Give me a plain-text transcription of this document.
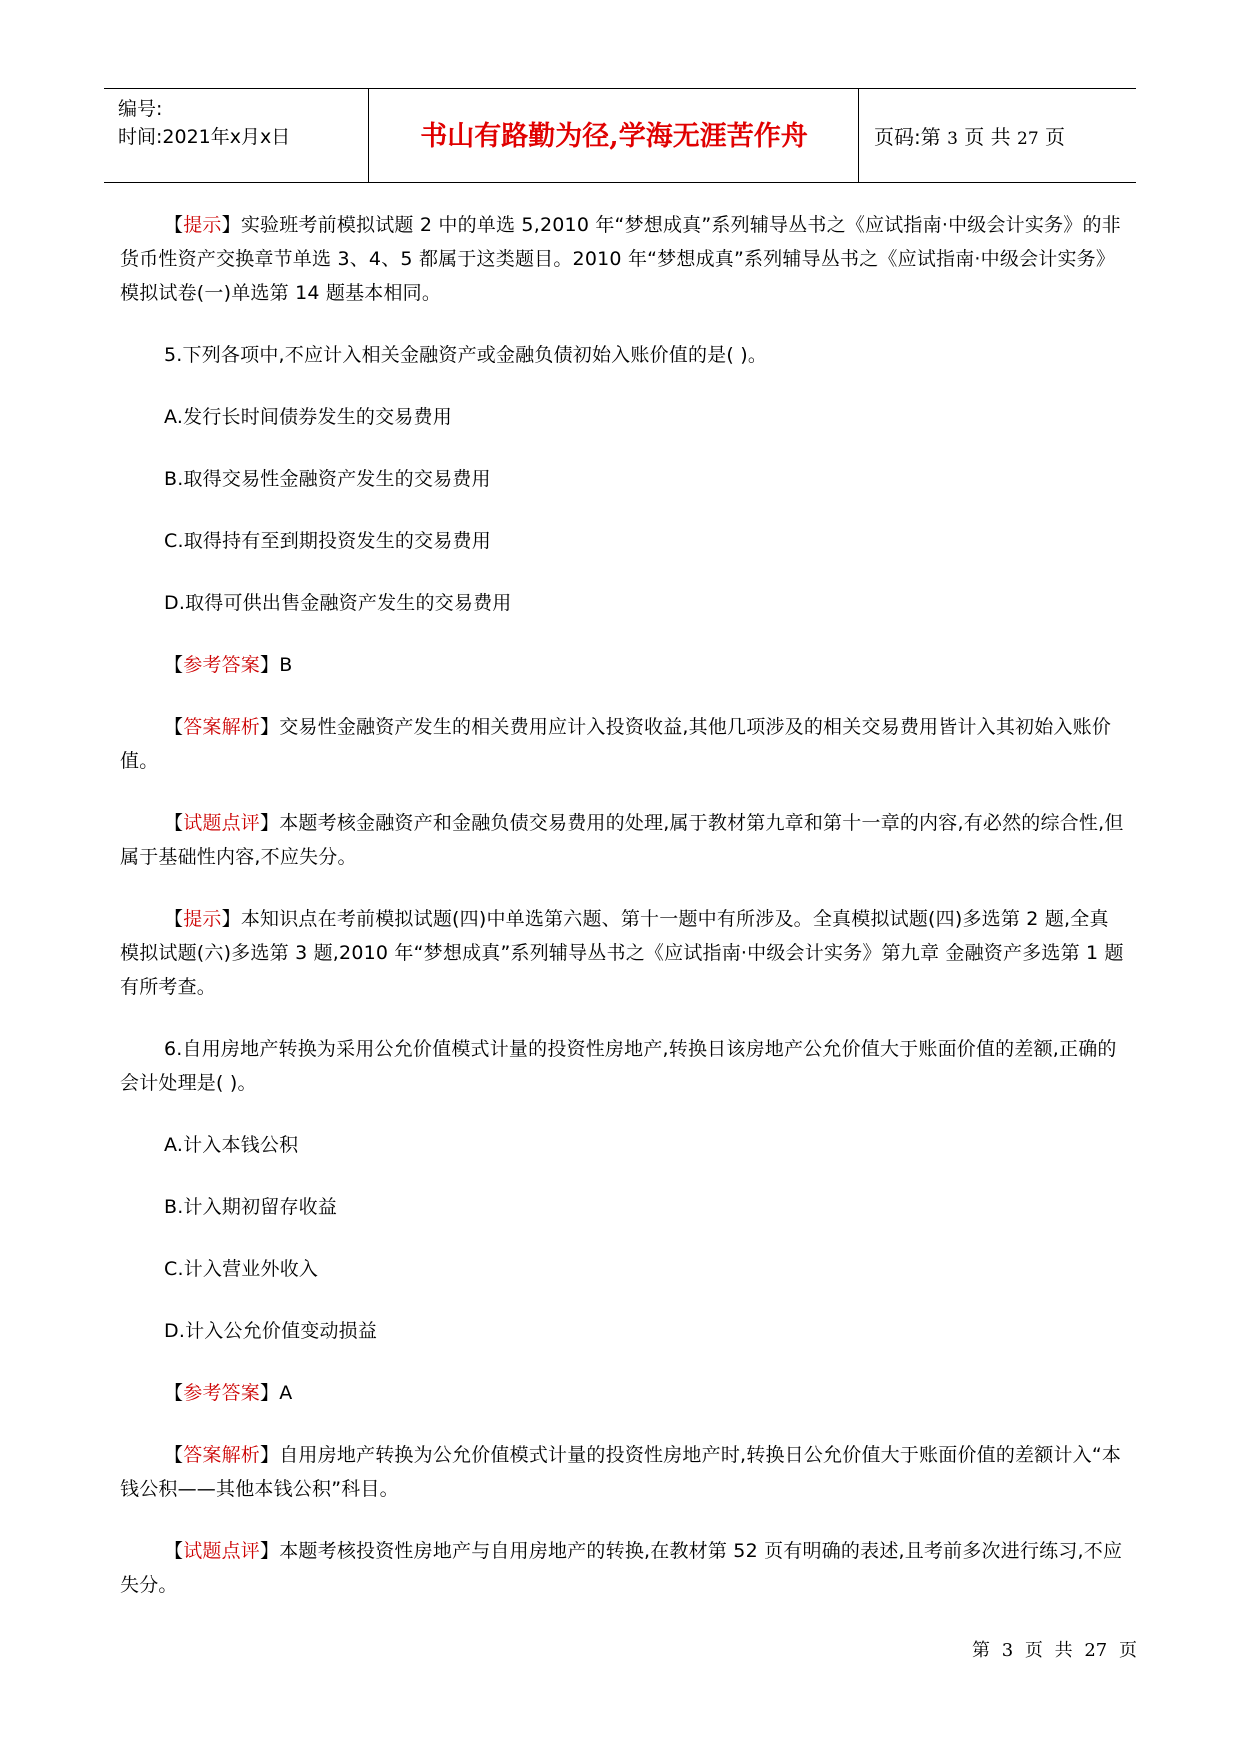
编号:
时间:2021年x月x日	书山有路勤为径,学海无涯苦作舟	页码:第 3 页 共 27 页

【提示】实验班考前模拟试题 2 中的单选 5,2010 年“梦想成真”系列辅导丛书之《应试指南·中级会计实务》的非货币性资产交换章节单选 3、4、5 都属于这类题目。2010 年“梦想成真”系列辅导丛书之《应试指南·中级会计实务》模拟试卷(一)单选第 14 题基本相同。

5.下列各项中,不应计入相关金融资产或金融负债初始入账价值的是( )。

A.发行长时间债券发生的交易费用

B.取得交易性金融资产发生的交易费用

C.取得持有至到期投资发生的交易费用

D.取得可供出售金融资产发生的交易费用

【参考答案】B

【答案解析】交易性金融资产发生的相关费用应计入投资收益,其他几项涉及的相关交易费用皆计入其初始入账价值。

【试题点评】本题考核金融资产和金融负债交易费用的处理,属于教材第九章和第十一章的内容,有必然的综合性,但属于基础性内容,不应失分。

【提示】本知识点在考前模拟试题(四)中单选第六题、第十一题中有所涉及。全真模拟试题(四)多选第 2 题,全真模拟试题(六)多选第 3 题,2010 年“梦想成真”系列辅导丛书之《应试指南·中级会计实务》第九章 金融资产多选第 1 题有所考查。

6.自用房地产转换为采用公允价值模式计量的投资性房地产,转换日该房地产公允价值大于账面价值的差额,正确的会计处理是( )。

A.计入本钱公积

B.计入期初留存收益

C.计入营业外收入

D.计入公允价值变动损益

【参考答案】A

【答案解析】自用房地产转换为公允价值模式计量的投资性房地产时,转换日公允价值大于账面价值的差额计入“本钱公积——其他本钱公积”科目。

【试题点评】本题考核投资性房地产与自用房地产的转换,在教材第 52 页有明确的表述,且考前多次进行练习,不应失分。

第 3 页 共 27 页
